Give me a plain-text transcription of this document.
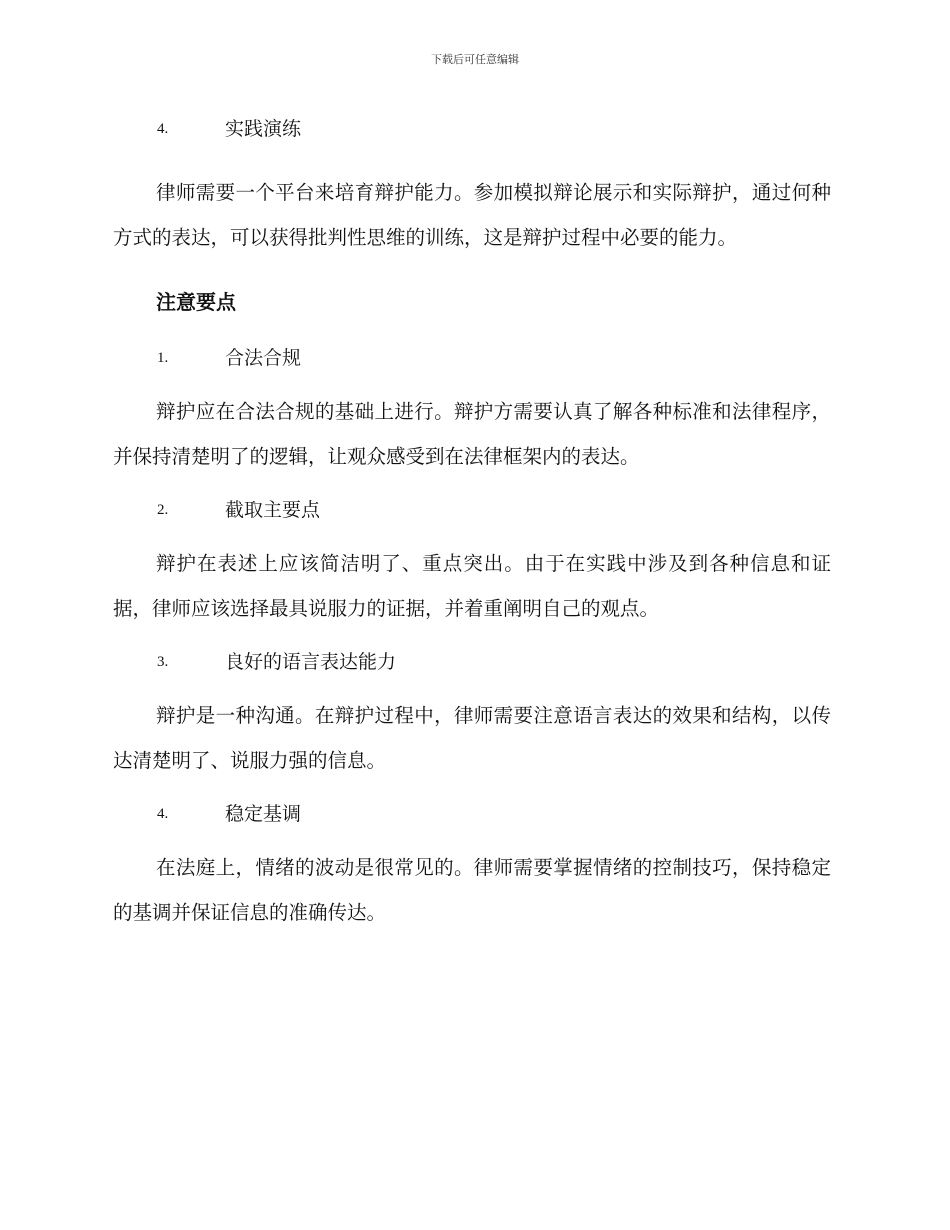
下载后可任意编辑
4.	实践演练

律师需要一个平台来培育辩护能力。参加模拟辩论展示和实际辩护，通过何种方式的表达，可以获得批判性思维的训练，这是辩护过程中必要的能力。

注意要点
1.	合法合规

辩护应在合法合规的基础上进行。辩护方需要认真了解各种标准和法律程序，并保持清楚明了的逻辑，让观众感受到在法律框架内的表达。

2.	截取主要点

辩护在表述上应该简洁明了、重点突出。由于在实践中涉及到各种信息和证据，律师应该选择最具说服力的证据，并着重阐明自己的观点。

3.	良好的语言表达能力

辩护是一种沟通。在辩护过程中，律师需要注意语言表达的效果和结构，以传达清楚明了、说服力强的信息。

4.	稳定基调

在法庭上，情绪的波动是很常见的。律师需要掌握情绪的控制技巧，保持稳定的基调并保证信息的准确传达。
